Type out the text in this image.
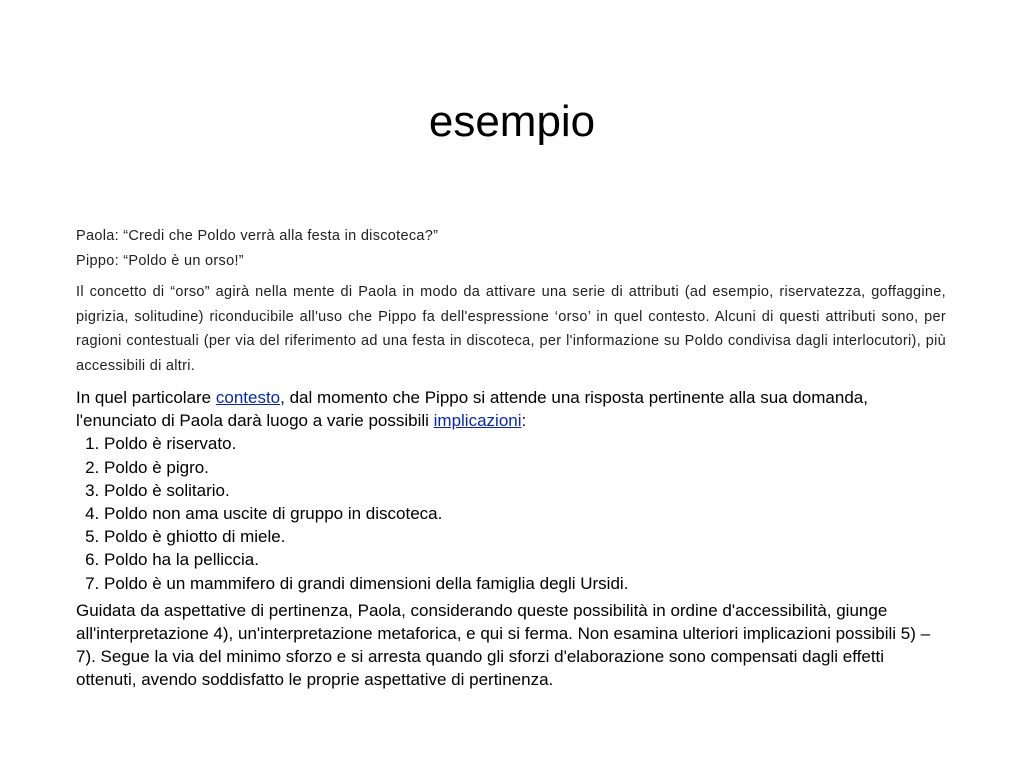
esempio

Paola: “Credi che Poldo verrà alla festa in discoteca?”

Pippo: “Poldo è un orso!”

Il concetto di “orso” agirà nella mente di Paola in modo da attivare una serie di attributi (ad esempio, riservatezza, goffaggine, pigrizia, solitudine) riconducibile all'uso che Pippo fa dell'espressione ‘orso’ in quel contesto. Alcuni di questi attributi sono, per ragioni contestuali (per via del riferimento ad una festa in discoteca, per l'informazione su Poldo condivisa dagli interlocutori), più accessibili di altri.

In quel particolare contesto, dal momento che Pippo si attende una risposta pertinente alla sua domanda, l'enunciato di Paola darà luogo a varie possibili implicazioni:

1. Poldo è riservato.
2. Poldo è pigro.
3. Poldo è solitario.
4. Poldo non ama uscite di gruppo in discoteca.
5. Poldo è ghiotto di miele.
6. Poldo ha la pelliccia.
7. Poldo è un mammifero di grandi dimensioni della famiglia degli Ursidi.

Guidata da aspettative di pertinenza, Paola, considerando queste possibilità in ordine d'accessibilità, giunge all'interpretazione 4), un'interpretazione metaforica, e qui si ferma. Non esamina ulteriori implicazioni possibili 5) – 7). Segue la via del minimo sforzo e si arresta quando gli sforzi d'elaborazione sono compensati dagli effetti ottenuti, avendo soddisfatto le proprie aspettative di pertinenza.
